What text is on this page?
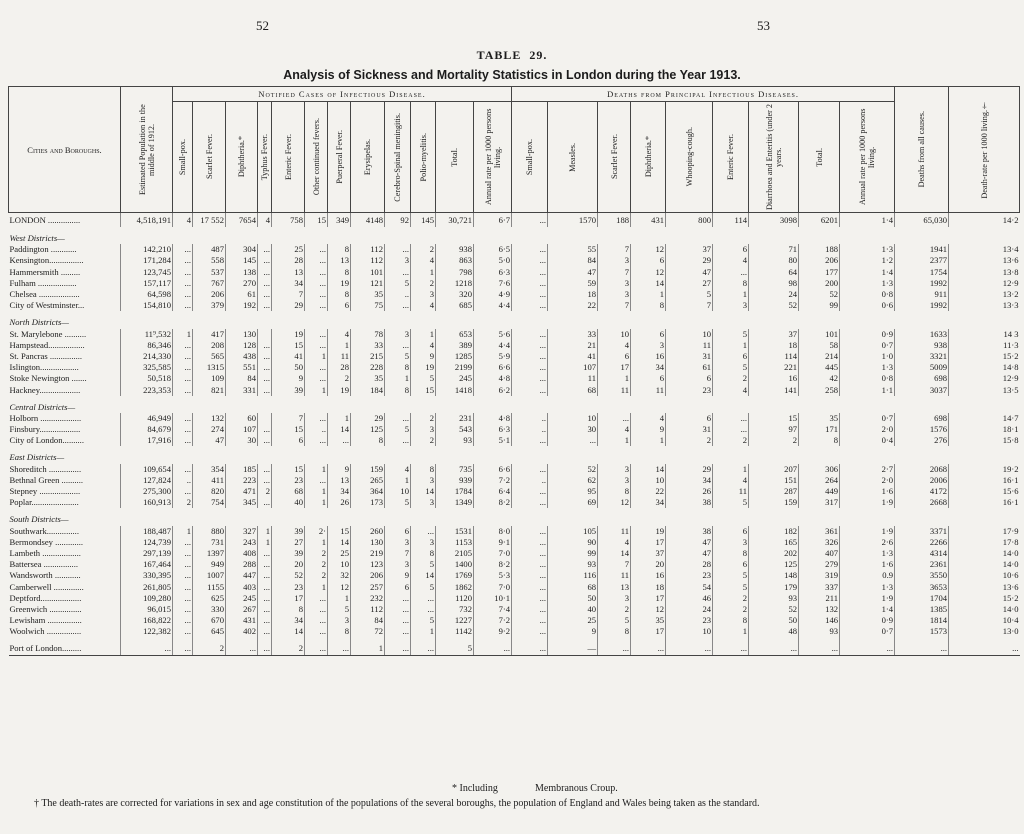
52	53
TABLE 29.
Analysis of Sickness and Mortality Statistics in London during the Year 1913.
Cities and Boroughs.	Estimated Population in the middle of 1912.	Notified Cases of Infectious Disease.												Deaths from Principal Infectious Diseases.									Deaths from all causes.	Death-rate per 1000 living.†

		Small-pox.	Scarlet Fever.	Diphtheria.*	Typhus Fever.	Enteric Fever.	Other continued fevers.	Puerperal Fever.	Erysipelas.	Cerebro-Spinal meningitis.	Polio-myelitis.	Total.	Annual rate per 1000 persons living.	Small-pox.	Measles.	Scarlet Fever.	Diphtheria.*	Whooping-cough.	Enteric Fever.	Diarrhoea and Enteritis (under 2 years.	Total.	Annual rate per 1000 persons living.		

LONDON ...............	4,518,191	4	17 552	7654	4	758	15	349	4148	92	145	30,721	6·7	...	1570	188	431	800	114	3098	6201	1·4	65,030	14·2
West Districts—																								
Paddington ............	142,210	...	487	304	...	25	...	8	112	...	2	938	6·5	...	55	7	12	37	6	71	188	1·3	1941	13·4
Kensington................	171,284	...	558	145	...	28	...	13	112	3	4	863	5·0	...	84	3	6	29	4	80	206	1·2	2377	13·6
Hammersmith .........	123,745	...	537	138	...	13	...	8	101	...	1	798	6·3	...	47	7	12	47	...	64	177	1·4	1754	13·8
Fulham ..................	157,117	...	767	270	...	34	...	19	121	5	2	1218	7·6	...	59	3	14	27	8	98	200	1·3	1992	12·9
Chelsea ...................	64,598	...	206	61	...	7	...	8	35	..	3	320	4·9	...	18	3	1	5	1	24	52	0·8	911	13·2
City of Westminster...	154,810	...	379	192	...	29	...	6	75	...	4	685	4·4	...	22	7	8	7	3	52	99	0·6	1992	13·3
North Districts—																								
St. Marylebone ..........	11⁹,532	1	417	130		19	...	4	78	3	1	653	5·6	...	33	10	6	10	5	37	101	0·9	1633	14 3
Hampstead.................	86,346	...	208	128	...	15	...	1	33	...	4	389	4·4	...	21	4	3	11	1	18	58	0·7	938	11·3
St. Pancras ...............	214,330	...	565	438	...	41	1	11	215	5	9	1285	5·9	...	41	6	16	31	6	114	214	1·0	3321	15·2
Islington..................	325,585	...	1315	551	...	50	...	28	228	8	19	2199	6·6	...	107	17	34	61	5	221	445	1·3	5009	14·8
Stoke Newington .......	50,518	...	109	84	...	9	...	2	35	1	5	245	4·8	...	11	1	6	6	2	16	42	0·8	698	12·9
Hackney...................	223,353	...	821	331	...	39	1	19	184	8	15	1418	6·2	...	68	11	11	23	4	141	258	1·1	3037	13·5
Central Districts—																								
Holborn ...................	46,949	...	132	60		7	...	1	29	...	2	231	4·8	..	10	...	4	6	...	15	35	0·7	698	14·7
Finsbury...................	84,679	...	274	107	...	15	..	14	125	5	3	543	6·3	..	30	4	9	31	...	97	171	2·0	1576	18·1
City of London..........	17,916	...	47	30	...	6	...	...	8	...	2	93	5·1	...	...	1	1	2	2	2	8	0·4	276	15·8
East Districts—																								
Shoreditch ...............	109,654	...	354	185	...	15	1	9	159	4	8	735	6·6	...	52	3	14	29	1	207	306	2·7	2068	19·2
Bethnal Green ..........	127,824	..	411	223	...	23	...	13	265	1	3	939	7·2	..	62	3	10	34	4	151	264	2·0	2006	16·1
Stepney ...................	275,300	...	820	471	2	68	1	34	364	10	14	1784	6·4	...	95	8	22	26	11	287	449	1·6	4172	15·6
Poplar......................	160,913	2	754	345	...	40	1	26	173	5	3	1349	8·2	...	69	12	34	38	5	159	317	1·9	2668	16·1
South Districts—																								
Southwark...............	188,487	1	880	327	1	39	2·	15	260	6	...	1531	8·0	...	105	11	19	38	6	182	361	1·9	3371	17·9
Bermondsey .............	124,739	...	731	243	1	27	1	14	130	3	3	1153	9·1	...	90	4	17	47	3	165	326	2·6	2266	17·8
Lambeth ..................	297,139	...	1397	408	...	39	2	25	219	7	8	2105	7·0	...	99	14	37	47	8	202	407	1·3	4314	14·0
Battersea ................	167,464	...	949	288	...	20	2	10	123	3	5	1400	8·2	...	93	7	20	28	6	125	279	1·6	2361	14·0
Wandsworth ............	330,395	...	1007	447	...	52	2	32	206	9	14	1769	5·3	...	116	11	16	23	5	148	319	0.9	3550	10·6
Camberwell ..............	261,805	...	1155	403	...	23	1	12	257	6	5	1862	7·0	...	68	13	18	54	5	179	337	1·3	3653	13·6
Deptford...................	109,280	...	625	245	...	17	...	1	232	...	...	1120	10·1	...	50	3	17	46	2	93	211	1·9	1704	15·2
Greenwich ...............	96,015	...	330	267	...	8	...	5	112	...	...	732	7·4	...	40	2	12	24	2	52	132	1·4	1385	14·0
Lewisham ................	168,822	...	670	431	...	34	...	3	84	...	5	1227	7·2	...	25	5	35	23	8	50	146	0·9	1814	10·4
Woolwich ................	122,382	...	645	402	...	14	...	8	72	...	1	1142	9·2	...	9	8	17	10	1	48	93	0·7	1573	13·0

Port of London.........	...	...	2	...	...	2	...	...	1	...	...	5	...	...	—	...	...	...	...	...	...	...	...	...
* Including	Membranous Croup.
† The death-rates are corrected for variations in sex and age constitution of the populations of the several boroughs, the population of England and Wales being taken as the standard.
